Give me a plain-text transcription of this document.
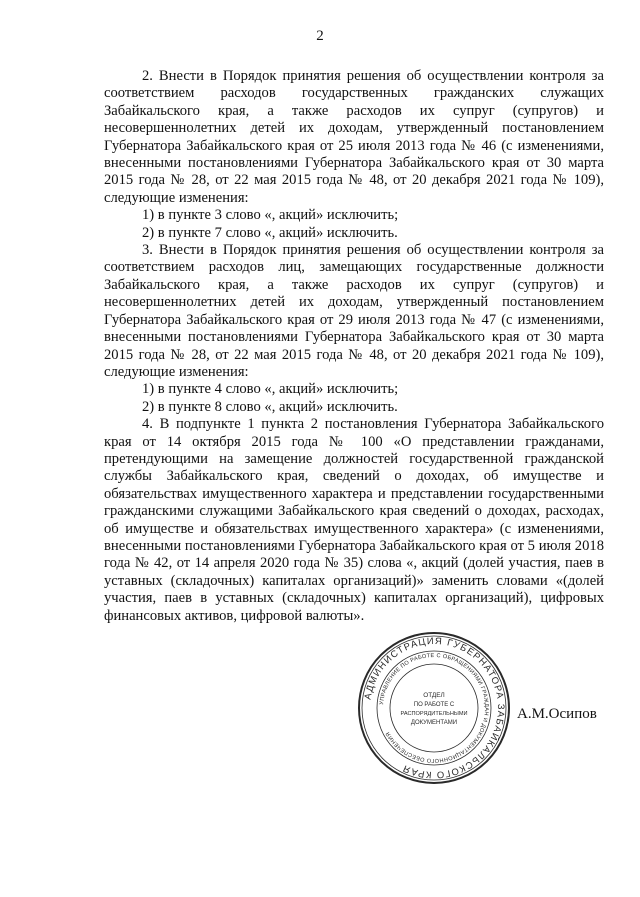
2

2. Внести в Порядок принятия решения об осуществлении контроля за соответствием расходов государственных гражданских служащих Забайкальского края, а также расходов их супруг (супругов) и несовершеннолетних детей их доходам, утвержденный постановлением Губернатора Забайкальского края от 25 июля 2013 года № 46 (с изменениями, внесенными постановлениями Губернатора Забайкальского края от 30 марта 2015 года № 28, от 22 мая 2015 года № 48, от 20 декабря 2021 года № 109), следующие изменения:

1) в пункте 3 слово «, акций» исключить;

2) в пункте 7 слово «, акций» исключить.

3. Внести в Порядок принятия решения об осуществлении контроля за соответствием расходов лиц, замещающих государственные должности Забайкальского края, а также расходов их супруг (супругов) и несовершеннолетних детей их доходам, утвержденный постановлением Губернатора Забайкальского края от 29 июля 2013 года № 47 (с изменениями, внесенными постановлениями Губернатора Забайкальского края от 30 марта 2015 года № 28, от 22 мая 2015 года № 48, от 20 декабря 2021 года № 109), следующие изменения:

1) в пункте 4 слово «, акций» исключить;

2) в пункте 8 слово «, акций» исключить.

4. В подпункте 1 пункта 2 постановления Губернатора Забайкальского края от 14 октября 2015 года № 100 «О представлении гражданами, претендующими на замещение должностей государственной гражданской службы Забайкальского края, сведений о доходах, об имуществе и обязательствах имущественного характера и представлении государственными гражданскими служащими Забайкальского края сведений о доходах, расходах, об имуществе и обязательствах имущественного характера» (с изменениями, внесенными постановлениями Губернатора Забайкальского края от 5 июля 2018 года № 42, от 14 апреля 2020 года № 35) слова «, акций (долей участия, паев в уставных (складочных) капиталах организаций)» заменить словами «(долей участия, паев в уставных (складочных) капиталах организаций), цифровых финансовых активов, цифровой валюты».

АДМИНИСТРАЦИЯ ГУБЕРНАТОРА ЗАБАЙКАЛЬСКОГО КРАЯ
УПРАВЛЕНИЕ ПО РАБОТЕ С ОБРАЩЕНИЯМИ ГРАЖДАН И ДОКУМЕНТАЦИОННОГО ОБЕСПЕЧЕНИЯ
ОТДЕЛ
ПО РАБОТЕ С
РАСПОРЯДИТЕЛЬНЫМИ
ДОКУМЕНТАМИ
А.М.Осипов
